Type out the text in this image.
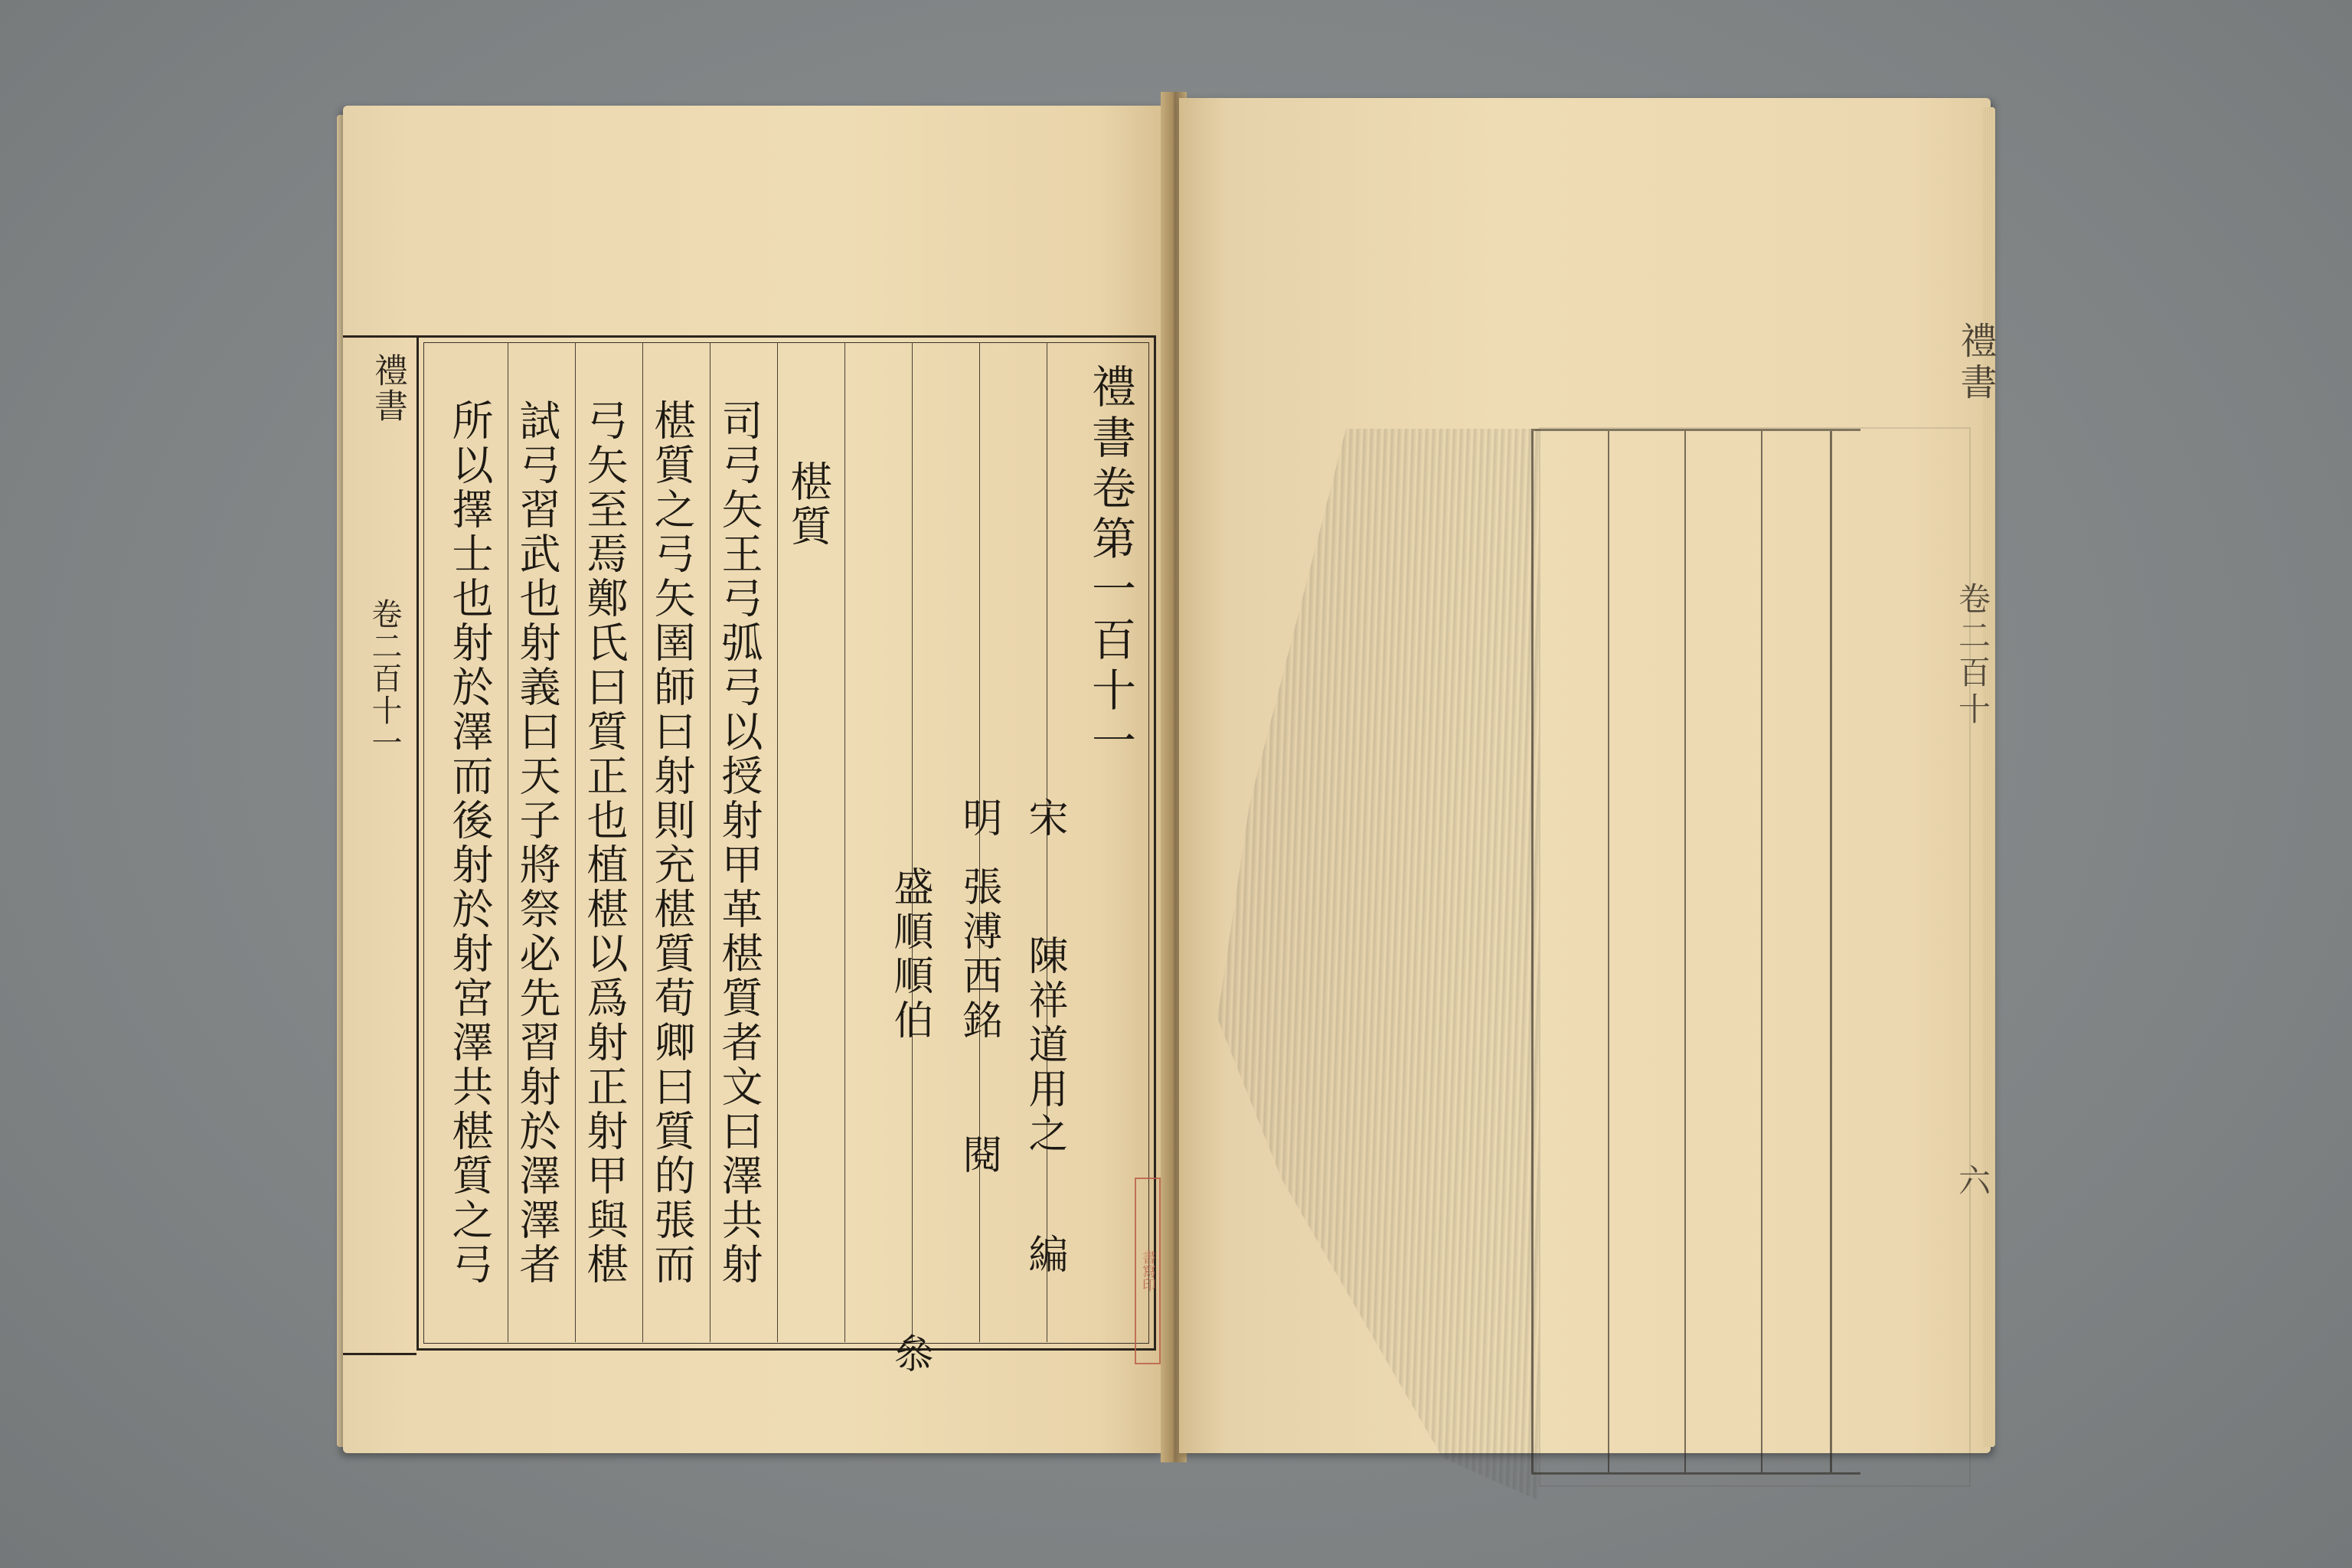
禮書
卷二百十一	禮書卷第一百十一
宋
陳祥道用之
編
明
張溥西銘
閱
盛順順伯
叅
椹質
司弓矢王弓弧弓以授射甲革椹質者文曰澤共射
椹質之弓矢圉師曰射則充椹質荀卿曰質的張而
弓矢至焉鄭氏曰質正也植椹以爲射正射甲與椹
試弓習武也射義曰天子將祭必先習射於澤澤者
所以擇士也射於澤而後射於射宮澤共椹質之弓	書寫印
禮書
卷二百十
六
